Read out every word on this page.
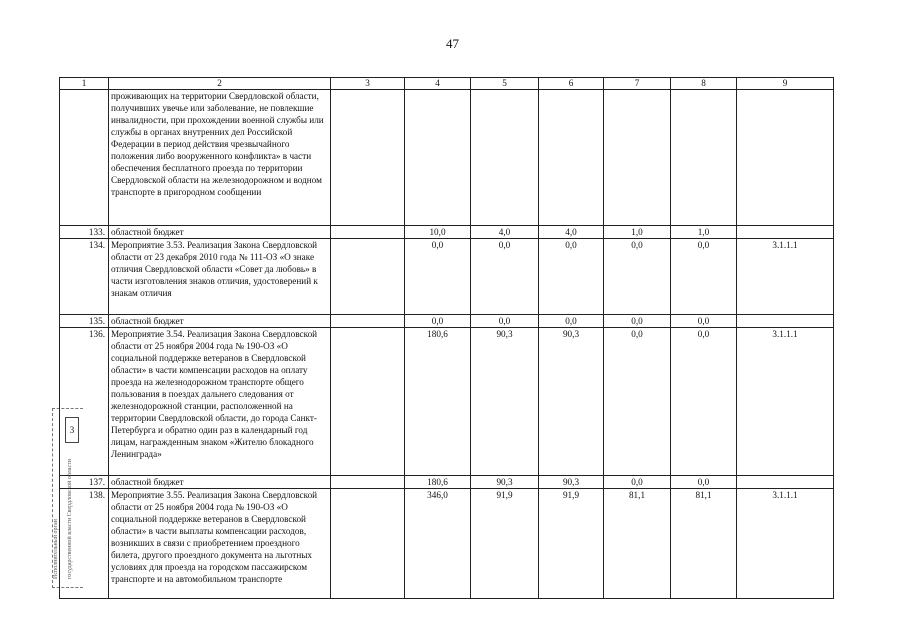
47
3
Исполнительный орган	государственной власти Свердловской области
1	2	3	4	5	6	7	8	9
	проживающих на территории Свердловской области, получивших увечье или заболевание, не повлекшие инвалидности, при прохождении военной службы или службы в органах внутренних дел Российской Федерации в период действия чрезвычайного положения либо вооруженного конфликта» в части обеспечения бесплатного проезда по территории Свердловской области на железнодорожном и водном транспорте в пригородном сообщении							
133.	областной бюджет		10,0	4,0	4,0	1,0	1,0	
134.	Мероприятие 3.53. Реализация Закона Свердловской области от 23 декабря 2010 года № 111-ОЗ «О знаке отличия Свердловской области «Совет да любовь» в части изготовления знаков отличия, удостоверений к знакам отличия		0,0	0,0	0,0	0,0	0,0	3.1.1.1
135.	областной бюджет		0,0	0,0	0,0	0,0	0,0	
136.	Мероприятие 3.54. Реализация Закона Свердловской области от 25 ноября 2004 года № 190-ОЗ «О социальной поддержке ветеранов в Свердловской области» в части компенсации расходов на оплату проезда на железнодорожном транспорте общего пользования в поездах дальнего следования от железнодорожной станции, расположенной на территории Свердловской области, до города Санкт-Петербурга и обратно один раз в календарный год лицам, награжденным знаком «Жителю блокадного Ленинграда»		180,6	90,3	90,3	0,0	0,0	3.1.1.1
137.	областной бюджет		180,6	90,3	90,3	0,0	0,0	
138.	Мероприятие 3.55. Реализация Закона Свердловской области от 25 ноября 2004 года № 190-ОЗ «О социальной поддержке ветеранов в Свердловской области» в части выплаты компенсации расходов, возникших в связи с приобретением проездного билета, другого проездного документа на льготных условиях для проезда на городском пассажирском транспорте и на автомобильном транспорте		346,0	91,9	91,9	81,1	81,1	3.1.1.1
